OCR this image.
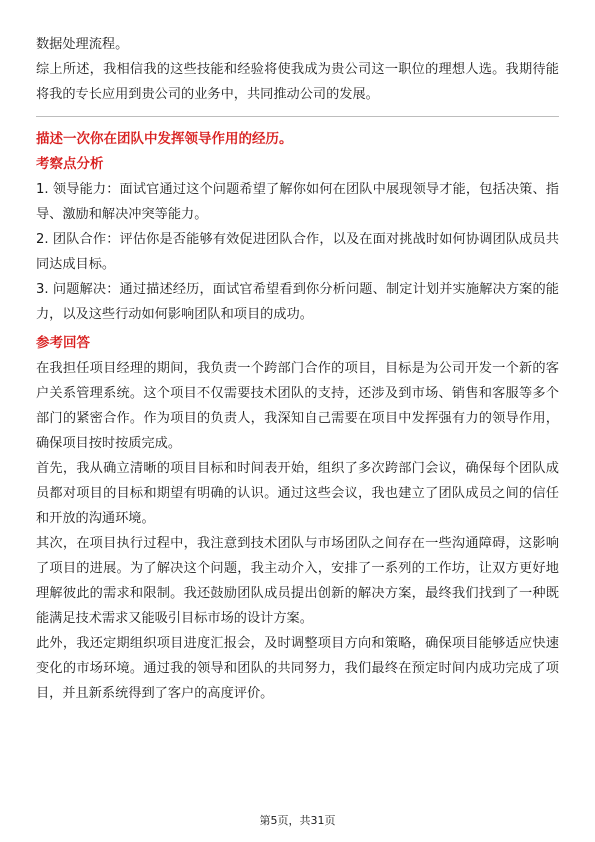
数据处理流程。

综上所述，我相信我的这些技能和经验将使我成为贵公司这一职位的理想人选。我期待能将我的专长应用到贵公司的业务中，共同推动公司的发展。

描述一次你在团队中发挥领导作用的经历。

考察点分析

1. 领导能力：面试官通过这个问题希望了解你如何在团队中展现领导才能，包括决策、指导、激励和解决冲突等能力。

2. 团队合作：评估你是否能够有效促进团队合作，以及在面对挑战时如何协调团队成员共同达成目标。

3. 问题解决：通过描述经历，面试官希望看到你分析问题、制定计划并实施解决方案的能力，以及这些行动如何影响团队和项目的成功。

参考回答

在我担任项目经理的期间，我负责一个跨部门合作的项目，目标是为公司开发一个新的客户关系管理系统。这个项目不仅需要技术团队的支持，还涉及到市场、销售和客服等多个部门的紧密合作。作为项目的负责人，我深知自己需要在项目中发挥强有力的领导作用，确保项目按时按质完成。

首先，我从确立清晰的项目目标和时间表开始，组织了多次跨部门会议，确保每个团队成员都对项目的目标和期望有明确的认识。通过这些会议，我也建立了团队成员之间的信任和开放的沟通环境。

其次，在项目执行过程中，我注意到技术团队与市场团队之间存在一些沟通障碍，这影响了项目的进展。为了解决这个问题，我主动介入，安排了一系列的工作坊，让双方更好地理解彼此的需求和限制。我还鼓励团队成员提出创新的解决方案，最终我们找到了一种既能满足技术需求又能吸引目标市场的设计方案。

此外，我还定期组织项目进度汇报会，及时调整项目方向和策略，确保项目能够适应快速变化的市场环境。通过我的领导和团队的共同努力，我们最终在预定时间内成功完成了项目，并且新系统得到了客户的高度评价。

第5页，共31页
